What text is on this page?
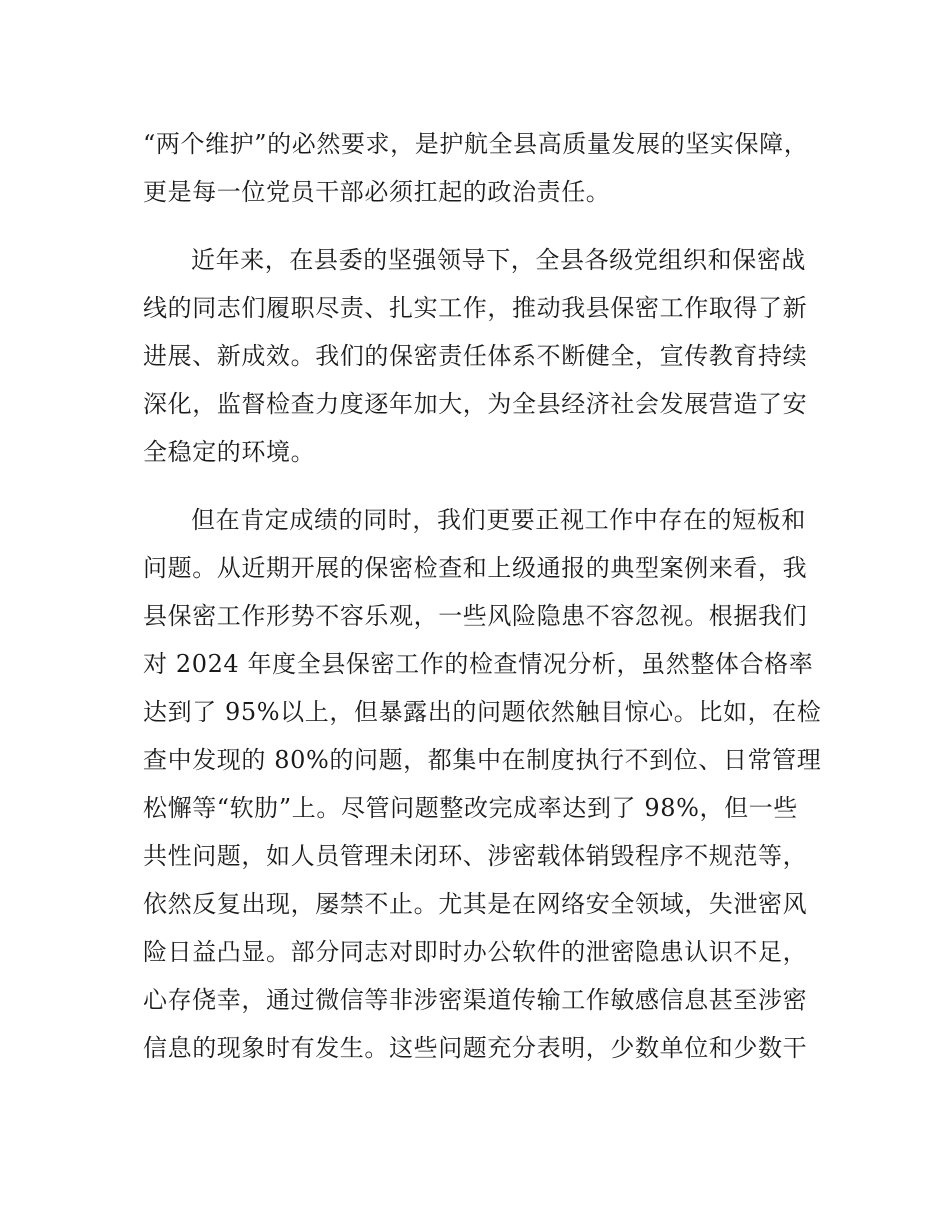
“两个维护”的必然要求，是护航全县高质量发展的坚实保障，

更是每一位党员干部必须扛起的政治责任。

近年来，在县委的坚强领导下，全县各级党组织和保密战

线的同志们履职尽责、扎实工作，推动我县保密工作取得了新

进展、新成效。我们的保密责任体系不断健全，宣传教育持续

深化，监督检查力度逐年加大，为全县经济社会发展营造了安

全稳定的环境。

但在肯定成绩的同时，我们更要正视工作中存在的短板和

问题。从近期开展的保密检查和上级通报的典型案例来看，我

县保密工作形势不容乐观，一些风险隐患不容忽视。根据我们

对 2024 年度全县保密工作的检查情况分析，虽然整体合格率

达到了 95%以上，但暴露出的问题依然触目惊心。比如，在检

查中发现的 80%的问题，都集中在制度执行不到位、日常管理

松懈等“软肋”上。尽管问题整改完成率达到了 98%，但一些

共性问题，如人员管理未闭环、涉密载体销毁程序不规范等，

依然反复出现，屡禁不止。尤其是在网络安全领域，失泄密风

险日益凸显。部分同志对即时办公软件的泄密隐患认识不足，

心存侥幸，通过微信等非涉密渠道传输工作敏感信息甚至涉密

信息的现象时有发生。这些问题充分表明，少数单位和少数干
